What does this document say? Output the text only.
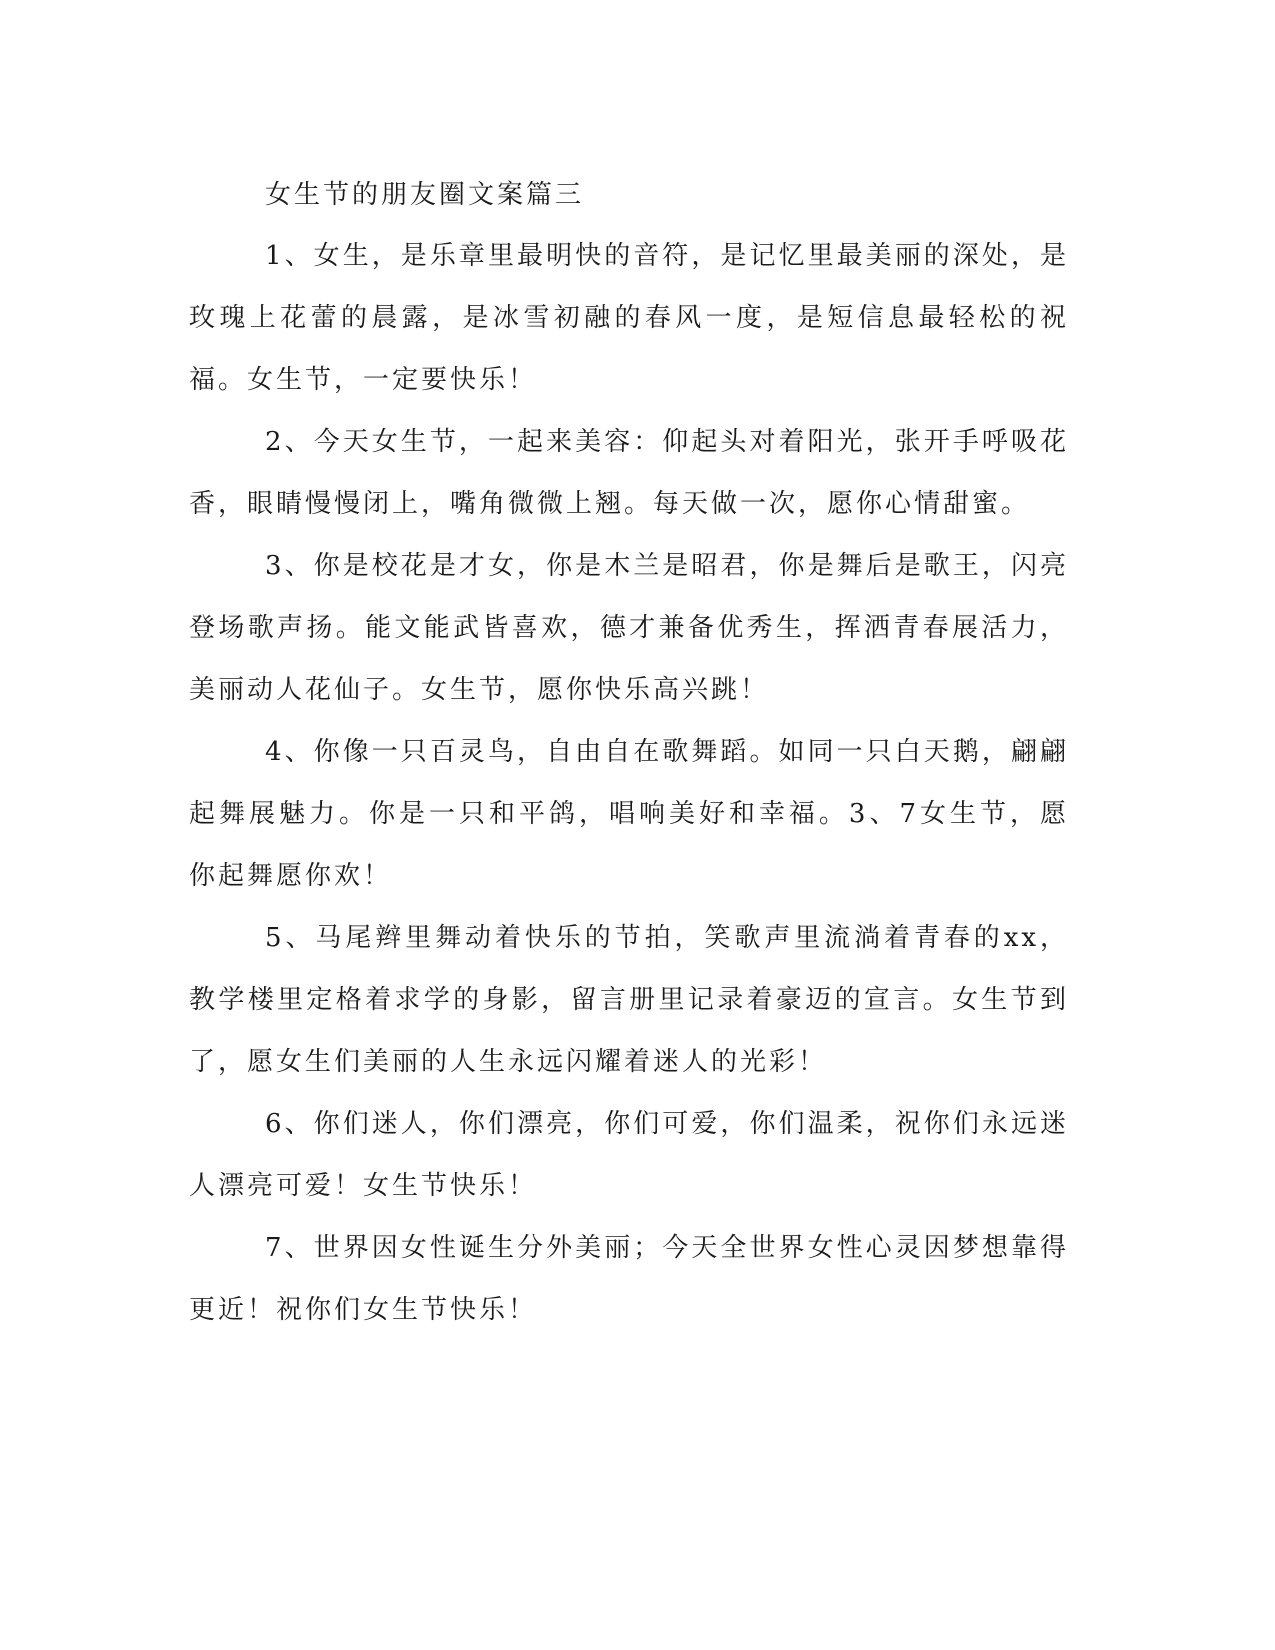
女生节的朋友圈文案篇三

1、女生，是乐章里最明快的音符，是记忆里最美丽的深处，是玫瑰上花蕾的晨露，是冰雪初融的春风一度，是短信息最轻松的祝福。女生节，一定要快乐！

2、今天女生节，一起来美容：仰起头对着阳光，张开手呼吸花香，眼睛慢慢闭上，嘴角微微上翘。每天做一次，愿你心情甜蜜。

3、你是校花是才女，你是木兰是昭君，你是舞后是歌王，闪亮登场歌声扬。能文能武皆喜欢，德才兼备优秀生，挥洒青春展活力，美丽动人花仙子。女生节，愿你快乐高兴跳！

4、你像一只百灵鸟，自由自在歌舞蹈。如同一只白天鹅，翩翩起舞展魅力。你是一只和平鸽，唱响美好和幸福。3、7女生节，愿你起舞愿你欢！

5、马尾辫里舞动着快乐的节拍，笑歌声里流淌着青春的xx，教学楼里定格着求学的身影，留言册里记录着豪迈的宣言。女生节到了，愿女生们美丽的人生永远闪耀着迷人的光彩！

6、你们迷人，你们漂亮，你们可爱，你们温柔，祝你们永远迷人漂亮可爱！女生节快乐！

7、世界因女性诞生分外美丽；今天全世界女性心灵因梦想靠得更近！祝你们女生节快乐！
